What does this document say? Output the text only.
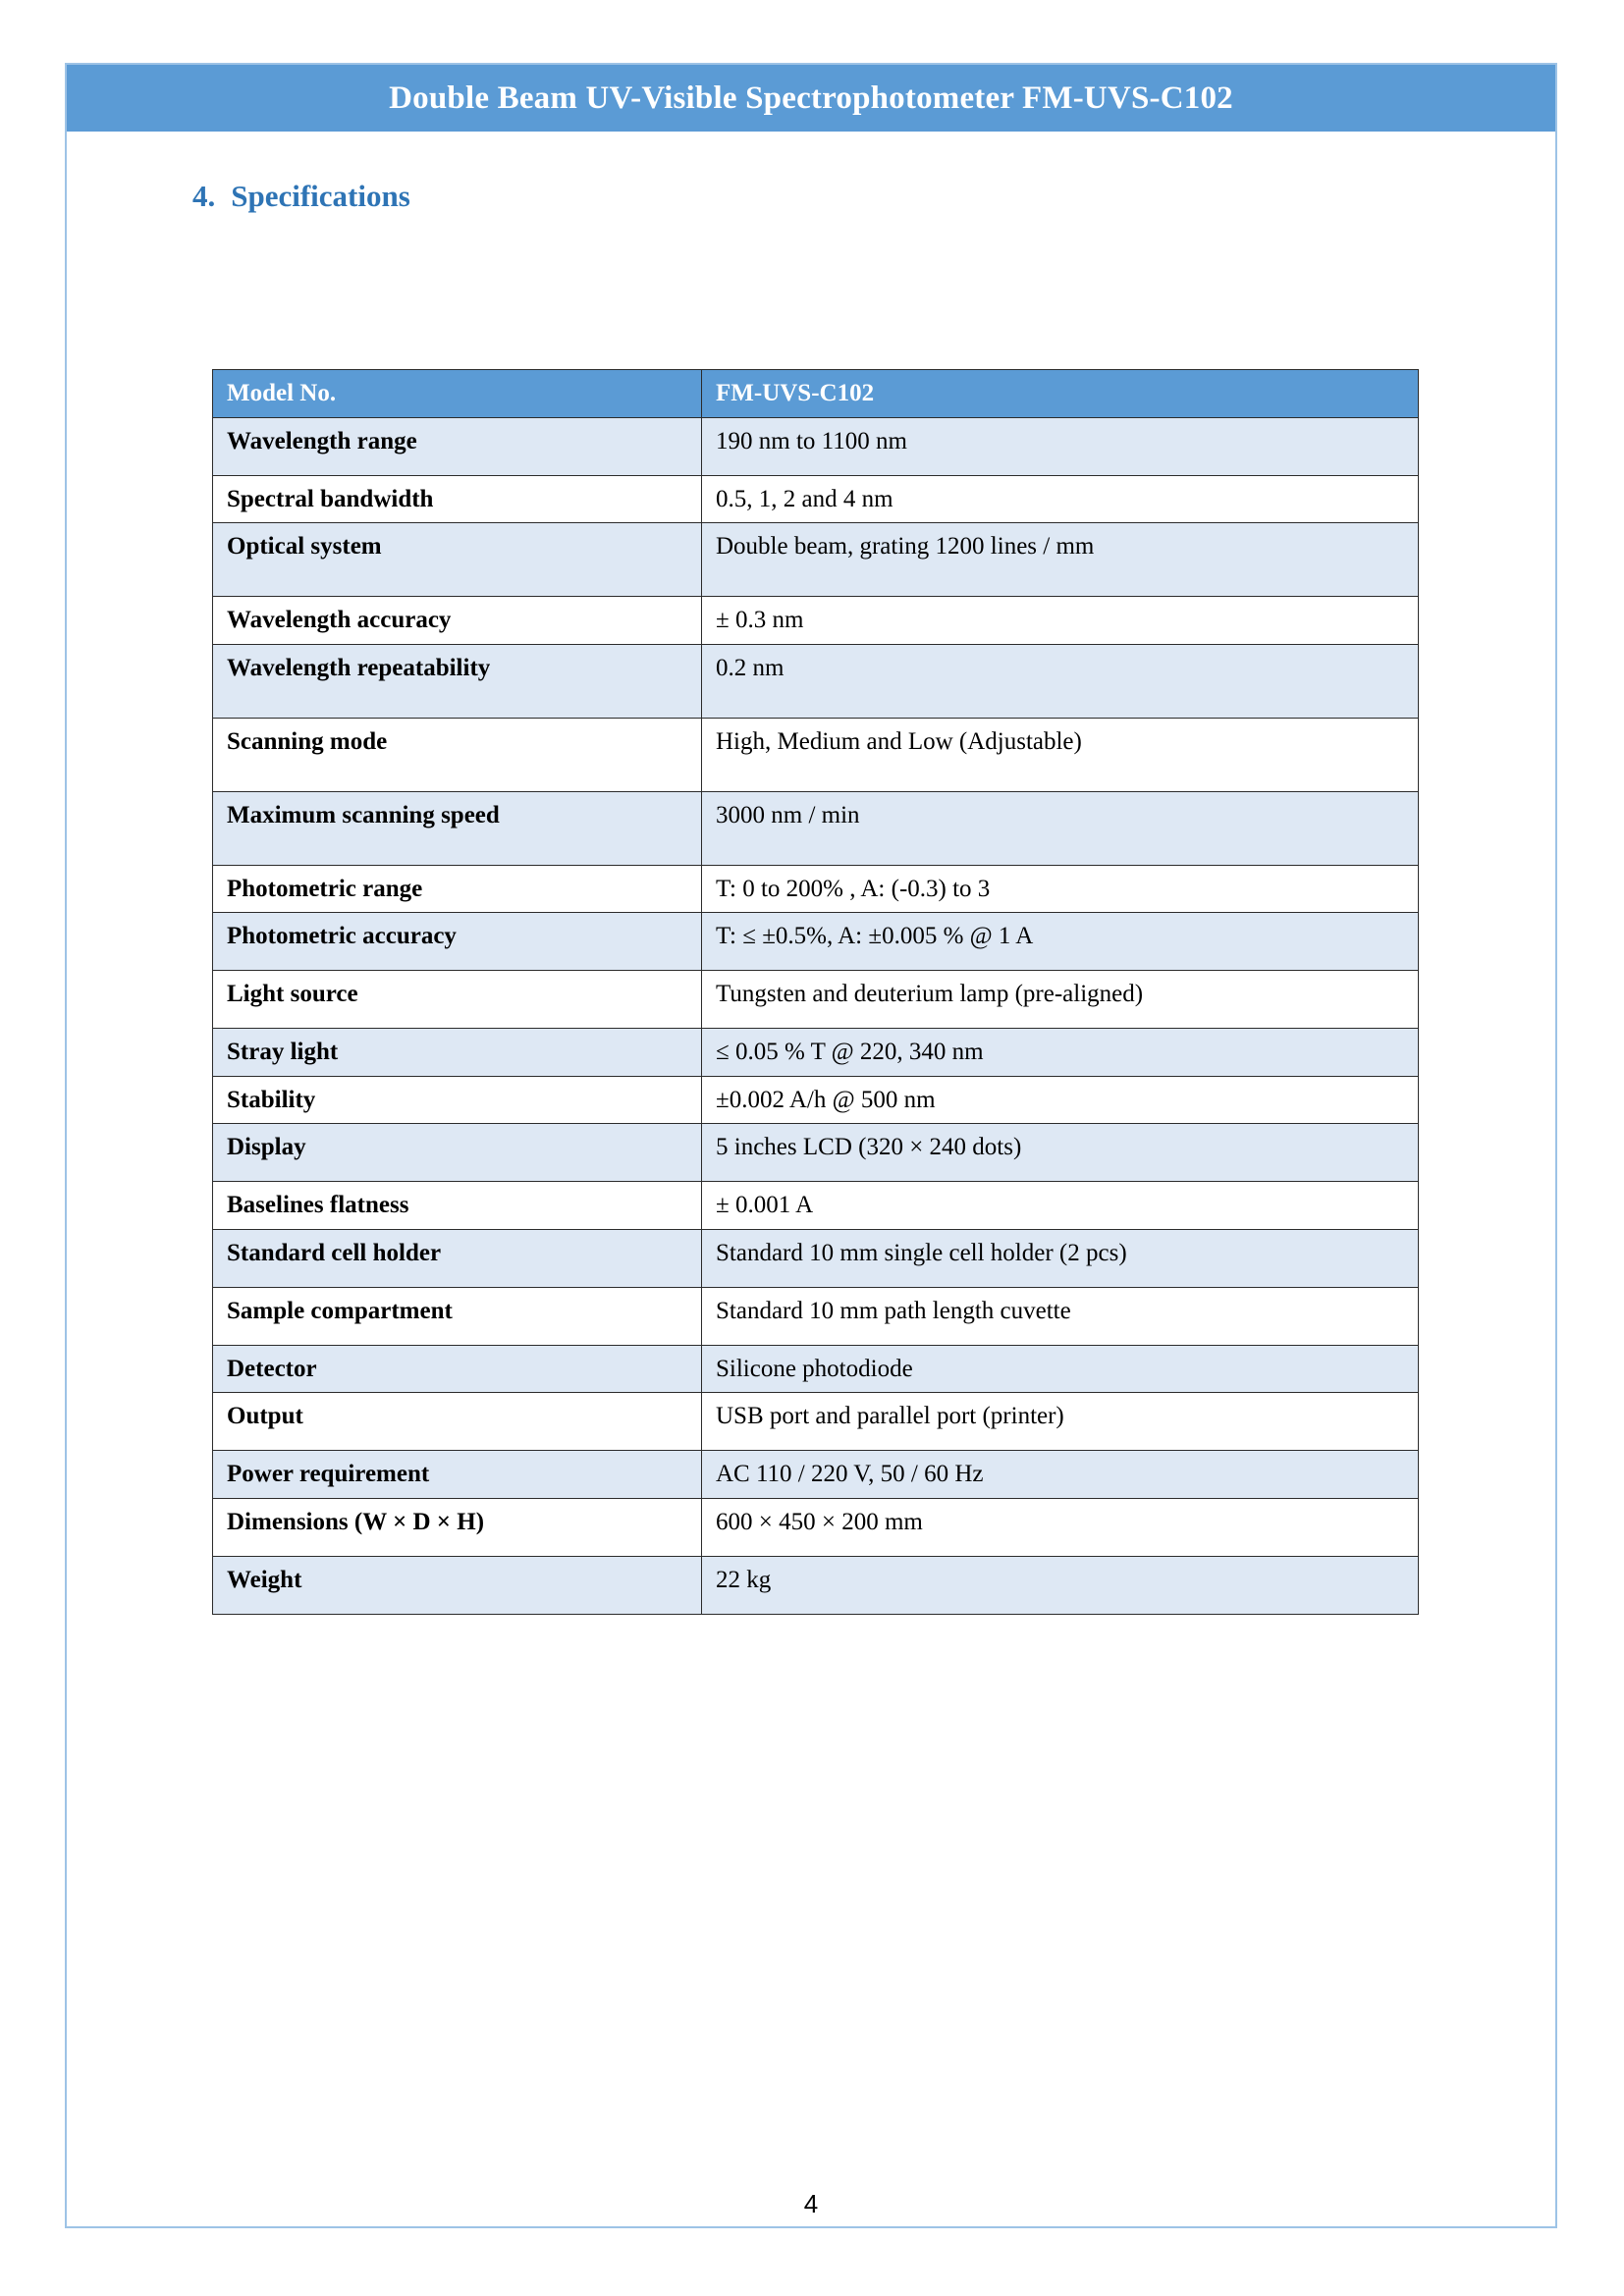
Double Beam UV-Visible Spectrophotometer FM-UVS-C102
4. Specifications
Model No.	FM-UVS-C102
Wavelength range	190 nm to 1100 nm
Spectral bandwidth	0.5, 1, 2 and 4 nm
Optical system	Double beam, grating 1200 lines / mm
Wavelength accuracy	± 0.3 nm
Wavelength repeatability	0.2 nm
Scanning mode	High, Medium and Low (Adjustable)
Maximum scanning speed	3000 nm / min
Photometric range	T: 0 to 200% , A: (-0.3) to 3
Photometric accuracy	T: ≤ ±0.5%, A: ±0.005 % @ 1 A
Light source	Tungsten and deuterium lamp (pre-aligned)
Stray light	≤ 0.05 % T @ 220, 340 nm
Stability	±0.002 A/h @ 500 nm
Display	5 inches LCD (320 × 240 dots)
Baselines flatness	± 0.001 A
Standard cell holder	Standard 10 mm single cell holder (2 pcs)
Sample compartment	Standard 10 mm path length cuvette
Detector	Silicone photodiode
Output	USB port and parallel port (printer)
Power requirement	AC 110 / 220 V, 50 / 60 Hz
Dimensions (W × D × H)	600 × 450 × 200 mm
Weight	22 kg
4
